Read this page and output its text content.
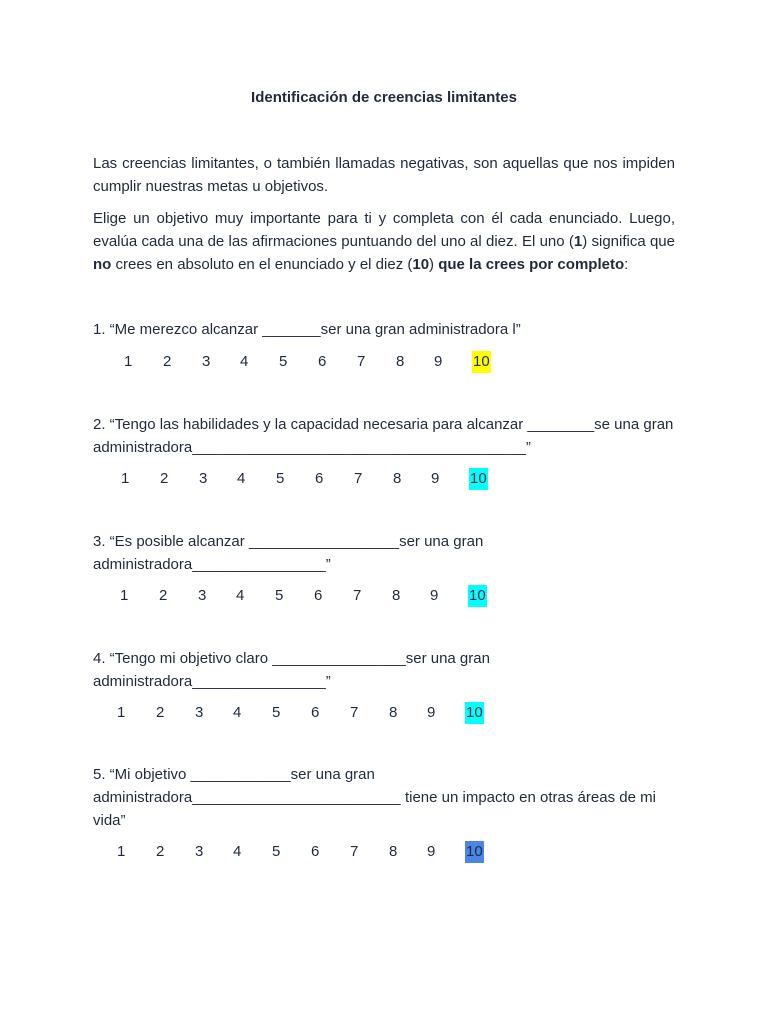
Identificación de creencias limitantes
Las creencias limitantes, o también llamadas negativas, son aquellas que nos impiden cumplir nuestras metas u objetivos.
Elige un objetivo muy importante para ti y completa con él cada enunciado. Luego, evalúa cada una de las afirmaciones puntuando del uno al diez. El uno (1) significa que no crees en absoluto en el enunciado y el diez (10) que la crees por completo:
1. “Me merezco alcanzar _______ser una gran administradora l”
1 2 3 4 5 6 7 8 9 10
2. “Tengo las habilidades y la capacidad necesaria para alcanzar ________se una gran administradora________________________________________”
1 2 3 4 5 6 7 8 9 10
3. “Es posible alcanzar __________________ser una gran administradora________________”
1 2 3 4 5 6 7 8 9 10
4. “Tengo mi objetivo claro ________________ser una gran administradora________________”
1 2 3 4 5 6 7 8 9 10
5. “Mi objetivo ____________ser una gran administradora_________________________ tiene un impacto en otras áreas de mi vida”
1 2 3 4 5 6 7 8 9 10
